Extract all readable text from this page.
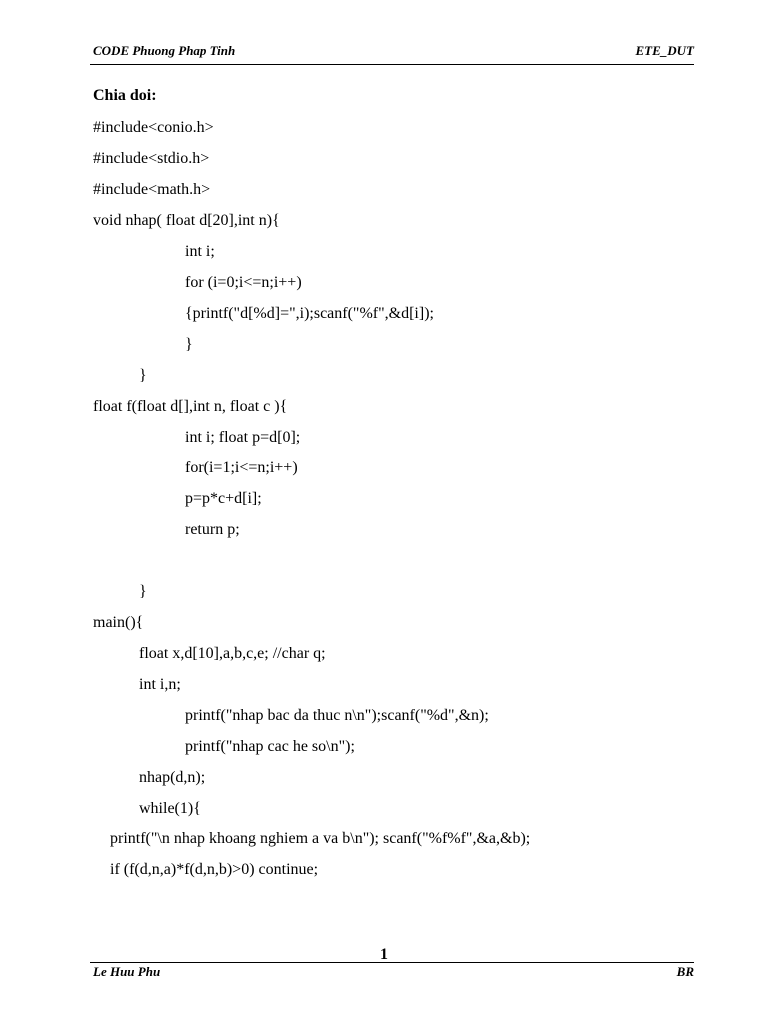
CODE Phuong Phap Tinh	ETE_DUT
Chia doi:
#include<conio.h>
#include<stdio.h>
#include<math.h>
void nhap( float d[20],int n){
int i;
for (i=0;i<=n;i++)
{printf("d[%d]=",i);scanf("%f",&d[i]);
}
}
float f(float d[],int n, float c ){
int i; float p=d[0];
for(i=1;i<=n;i++)
p=p*c+d[i];
return p;
}
main(){
float x,d[10],a,b,c,e; //char q;
int i,n;
printf("nhap bac da thuc n\n");scanf("%d",&n);
printf("nhap cac he so\n");
nhap(d,n);
while(1){
printf("\n nhap khoang nghiem a va b\n"); scanf("%f%f",&a,&b);
if (f(d,n,a)*f(d,n,b)>0) continue;
1
Le Huu Phu	BR
